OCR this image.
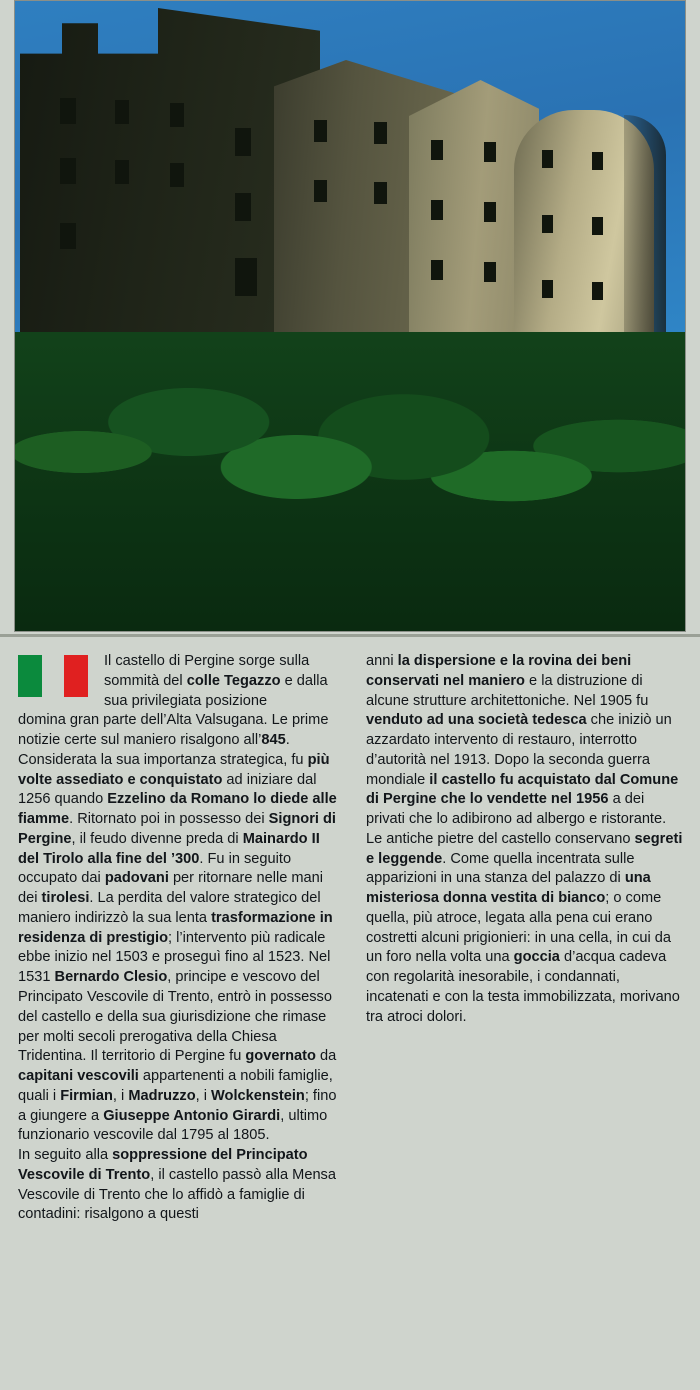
Il castello di Pergine sorge sulla sommità del colle Tegazzo e dalla sua privilegiata posizione

domina gran parte dell’Alta Valsugana. Le prime notizie certe sul maniero risalgono all’845. Considerata la sua importanza strategica, fu più volte assediato e conquistato ad iniziare dal 1256 quando Ezzelino da Romano lo diede alle fiamme. Ritornato poi in possesso dei Signori di Pergine, il feudo divenne preda di Mainardo II del Tirolo alla fine del ’300. Fu in seguito occupato dai padovani per ritornare nelle mani dei tirolesi. La perdita del valore strategico del maniero indirizzò la sua lenta trasformazione in residenza di prestigio; l’intervento più radicale ebbe inizio nel 1503 e proseguì fino al 1523. Nel 1531 Bernardo Clesio, principe e vescovo del Principato Vescovile di Trento, entrò in possesso del castello e della sua giurisdizione che rimase per molti secoli prerogativa della Chiesa Tridentina. Il territorio di Pergine fu governato da capitani vescovili appartenenti a nobili famiglie, quali i Firmian, i Madruzzo, i Wolckenstein; fino a giungere a Giuseppe Antonio Girardi, ultimo funzionario vescovile dal 1795 al 1805.
In seguito alla soppressione del Principato Vescovile di Trento, il castello passò alla Mensa Vescovile di Trento che lo affidò a famiglie di contadini: risalgono a questi

anni la dispersione e la rovina dei beni conservati nel maniero e la distruzione di alcune strutture architettoniche. Nel 1905 fu venduto ad una società tedesca che iniziò un azzardato intervento di restauro, interrotto d’autorità nel 1913. Dopo la seconda guerra mondiale il castello fu acquistato dal Comune di Pergine che lo vendette nel 1956 a dei privati che lo adibirono ad albergo e ristorante.
Le antiche pietre del castello conservano segreti e leggende. Come quella incentrata sulle apparizioni in una stanza del palazzo di una misteriosa donna vestita di bianco; o come quella, più atroce, legata alla pena cui erano costretti alcuni prigionieri: in una cella, in cui da un foro nella volta una goccia d’acqua cadeva con regolarità inesorabile, i condannati, incatenati e con la testa immobilizzata, morivano tra atroci dolori.
